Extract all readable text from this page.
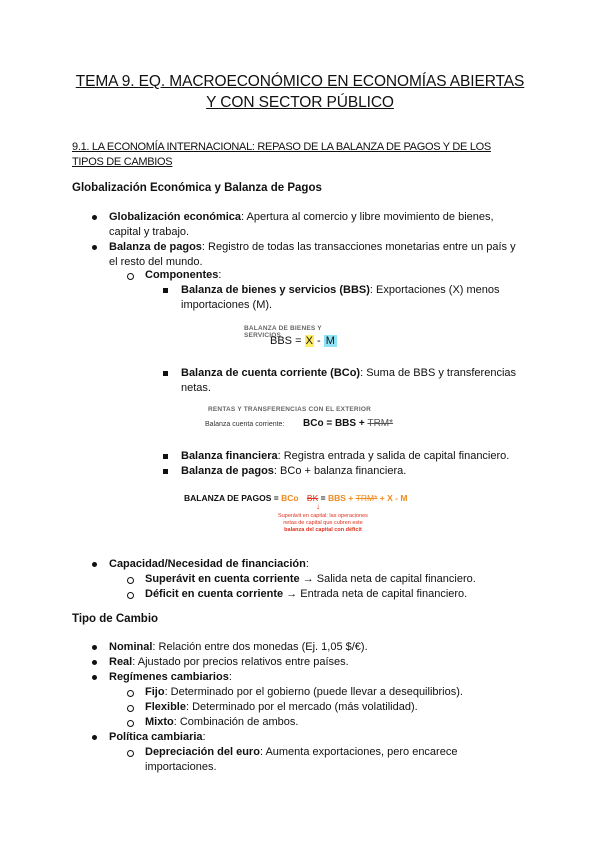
TEMA 9. EQ. MACROECONÓMICO EN ECONOMÍAS ABIERTAS
Y CON SECTOR PÚBLICO
9.1. LA ECONOMÍA INTERNACIONAL: REPASO DE LA BALANZA DE PAGOS Y DE LOS
TIPOS DE CAMBIOS
Globalización Económica y Balanza de Pagos
Globalización económica: Apertura al comercio y libre movimiento de bienes,
capital y trabajo.
Balanza de pagos: Registro de todas las transacciones monetarias entre un país y
el resto del mundo.
Componentes:
Balanza de bienes y servicios (BBS): Exportaciones (X) menos
importaciones (M).
BALANZA DE BIENES Y SERVICIOS
BBS = X - M
Balanza de cuenta corriente (BCo): Suma de BBS y transferencias
netas.
RENTAS Y TRANSFERENCIAS CON EL EXTERIOR
Balanza cuenta corriente: BCo = BBS + TRM*
Balanza financiera: Registra entrada y salida de capital financiero.
Balanza de pagos: BCo + balanza financiera.
BALANZA DE PAGOS = BCo BK = BBS + TRM* + X - M
↓
Superávit en capital: las operaciones
netas de capital que cubren este
balanza del capital con déficit
Capacidad/Necesidad de financiación:
Superávit en cuenta corriente → Salida neta de capital financiero.
Déficit en cuenta corriente → Entrada neta de capital financiero.
Tipo de Cambio
Nominal: Relación entre dos monedas (Ej. 1,05 $/€).
Real: Ajustado por precios relativos entre países.
Regímenes cambiarios:
Fijo: Determinado por el gobierno (puede llevar a desequilibrios).
Flexible: Determinado por el mercado (más volatilidad).
Mixto: Combinación de ambos.
Política cambiaria:
Depreciación del euro: Aumenta exportaciones, pero encarece
importaciones.
